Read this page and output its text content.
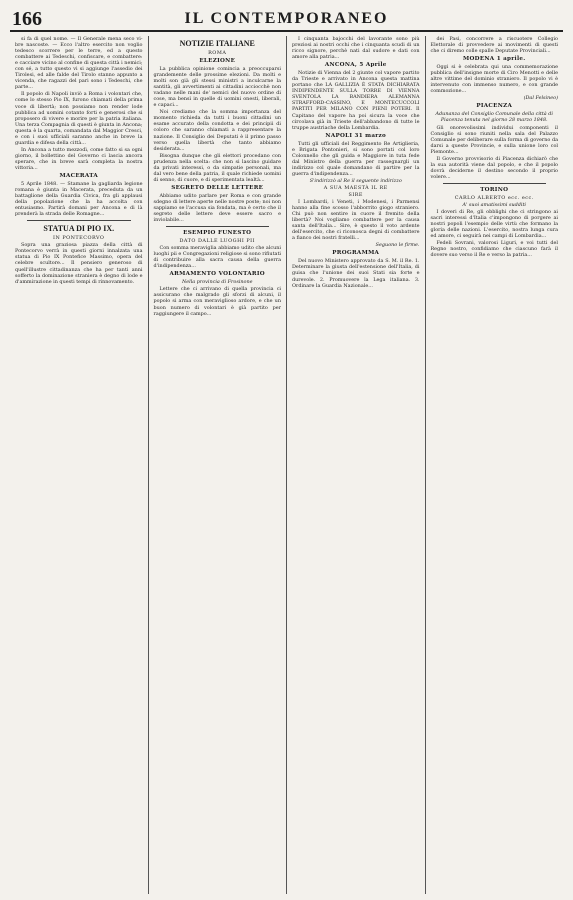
166	IL CONTEMPORANEO

si fa di quel nome. — Il Generale mena seco vi-bre nascoste. — Ecco l'altro esercito non voglio tedesco scorrere per le terre, ed a questo combattere ai Tedeschi, confiscare, e combattere: e cacciare vicino al confine di questa città i nemici; con sé, a tutto questo vi si aggiunge l'assedio dei Tirolesi, ed alle falde del Tirolo stanno appunto a vicenda, che ragazzi del pari sono i Tedeschi, che parte...

Il popolo di Napoli inviò a Roma i volontari che, come lo stesso Pio IX, furono chiamati della prima voce di libertà; non possiamo non render lode pubblica ad uomini cotanto forti e generosi che si proposero di vivere e morire per la patria italiana. Una terza Compagnia di questi è giunta in Ancona; questa è la quarta, comandata dal Maggior Cresci, e con i suoi ufficiali saranno anche in breve la guardia e difesa della città...

In Ancona a tutto mezzodì, come fatto si sa ogni giorno, il bollettino del Governo ci lascia ancora sperare, che in breve sarà completa la nostra vittoria...

MACERATA

5 Aprile 1848. — Stamane la gagliarda legione romana è giunta in Macerata, preceduta da un battaglione della Guardia Civica, fra gli applausi della popolazione che la ha accolta con entusiasmo. Partirà domani per Ancona e di là prenderà la strada delle Romagne...

STATUA DI PIO IX.
IN PONTECORVO

Sopra una graziosa piazza della città di Pontecorvo verrà in questi giorni innalzata una statua di Pio IX Pontefice Massimo, opera del celebre scultore... Il pensiero generoso di quell'illustre cittadinanza che ha per tanti anni sofferto la dominazione straniera è degno di lode e d'ammirazione in questi tempi di rinnovamento.

NOTIZIE ITALIANE
ROMA
ELEZIONE

La pubblica opinione comincia a preoccuparsi grandemente delle prossime elezioni. Da molti e molti son già gli stessi ministri a inculcarne la santità, gli avvertimenti ai cittadini acciocchè non vadano nelle mani de' nemici del nuovo ordine di cose, ma bensì in quelle di uomini onesti, liberali, e capaci...

Noi crediamo che la somma importanza del momento richieda da tutti i buoni cittadini un esame accurato della condotta e dei principii di coloro che saranno chiamati a rappresentare la nazione. Il Consiglio dei Deputati è il primo passo verso quella libertà che tanto abbiamo desiderata...

Bisogna dunque che gli elettori procedano con prudenza nella scelta: che non si lascino guidare da privati interessi, o da simpatie personali, ma dal vero bene della patria, il quale richiede uomini di senno, di cuore, e di sperimentata lealtà...

SEGRETO DELLE LETTERE

Abbiamo udito parlare per Roma e con grande sdegno di lettere aperte nelle nostre poste; noi non sappiamo se l'accusa sia fondata, ma è certo che il segreto delle lettere deve essere sacro e inviolabile...

ESEMPIO FUNESTO
DATO DALLE LUOGHI PII

Con somma meraviglia abbiamo udito che alcuni luoghi pii e Congregazioni religiose si sono rifiutati di contribuire alla sacra causa della guerra d'indipendenza...

ARMAMENTO VOLONTARIO
Nella provincia di Frosinone

Lettere che ci arrivano di quella provincia ci assicurano che malgrado gli sforzi di alcuni, il popolo si arma con meraviglioso ardore, e che un buon numero di volontari è già partito per raggiungere il campo...

I cinquanta bajocchi del lavorante sono più preziosi ai nostri occhi che i cinquanta scudi di un ricco signore, perchè nati dal sudore e dati con amore alla patria...

ANCONA, 5 Aprile

Notizie di Vienna del 2 giunte col vapore partito da Trieste e arrivato in Ancona questa mattina portano che LA GALLIZIA È STATA DICHIARATA INDIPENDENTE SULLA TORRE DI VIENNA SVENTOLA LA BANDIERA ALEMANNA STRAFFORD-CASSINO, E MONTECUCCOLI PARTITI PER MILANO CON PIENI POTERI. Il Capitano del vapore ha poi sicura la voce che circolava già in Trieste dell'abbandono di tutte le truppe austriache della Lombardia.

NAPOLI 31 marzo

Tutti gli ufficiali del Reggimento Re Artiglieria, e Brigata Pontonieri, si sono portati col loro Colonnello che gli guida e Maggiore in tuta fede dal Ministro della guerra per rassegnargli un indirizzo col quale domandano di partire per la guerra d'indipendenza...

S'indirizzò al Re il seguente indirizzo
A SUA MAESTÀ IL RE
SIRE

I Lombardi, i Veneti, i Modenesi, i Parmensi hanno alla fine scosso l'abborrito giogo straniero. Chi può non sentire in cuore il fremito della libertà? Noi vogliamo combattere per la causa santa dell'Italia... Sire, è questo il voto ardente dell'esercito, che ci riconosca degni di combattere a fianco dei nostri fratelli...

Seguono le firme.
PROGRAMMA

Del nuovo Ministero approvato da S. M. il Re. 1. Determinare la giusta dell'estensione dell'Italia, di guisa che l'unione dei suoi Stati sia forte e durevole. 2. Promuovere la Lega italiana. 3. Ordinare la Guardia Nazionale...

dei Pasi, concorrere a riscuotere Collegio Elettorale di provvedere ai movimenti di questi che ci diremo colle spalle Deputate Provinciali...

MODENA 1 aprile.

Oggi si è celebrata qui una commemorazione pubblica dell'insigne morte di Ciro Menotti e delle altre vittime del dominio straniero. Il popolo vi è intervenuto con immenso numero, e con grande commozione...

(Dal Felsineo)
PIACENZA
Adunanza del Consiglio Comunale della città di Piacenza tenuta nel giorno 28 marzo 1848.

Gli onorevolissimi individui componenti il Consiglio si sono riuniti nella sala del Palazzo Comunale per deliberare sulla forma di governo da darsi a queste Provincie, e sulla unione loro col Piemonte...

Il Governo provvisorio di Piacenza dichiarò che la sua autorità viene dal popolo, e che il popolo dovrà deciderne il destino secondo il proprio volere...

TORINO
CARLO ALBERTO ecc. ecc.
A' suoi amatissimi sudditi

I doveri di Re, gli obblighi che ci stringono ai sacri interessi d'Italia c'impongono di porgere ai nostri popoli l'esempio delle virtù che formano la gloria delle nazioni. L'esercito, nostra lunga cura ed amore, ci seguirà nei campi di Lombardia...

Fedeli Sovrani, valorosi Liguri, e voi tutti del Regno nostro, confidiamo che ciascuno farà il dovere suo verso il Re e verso la patria...
